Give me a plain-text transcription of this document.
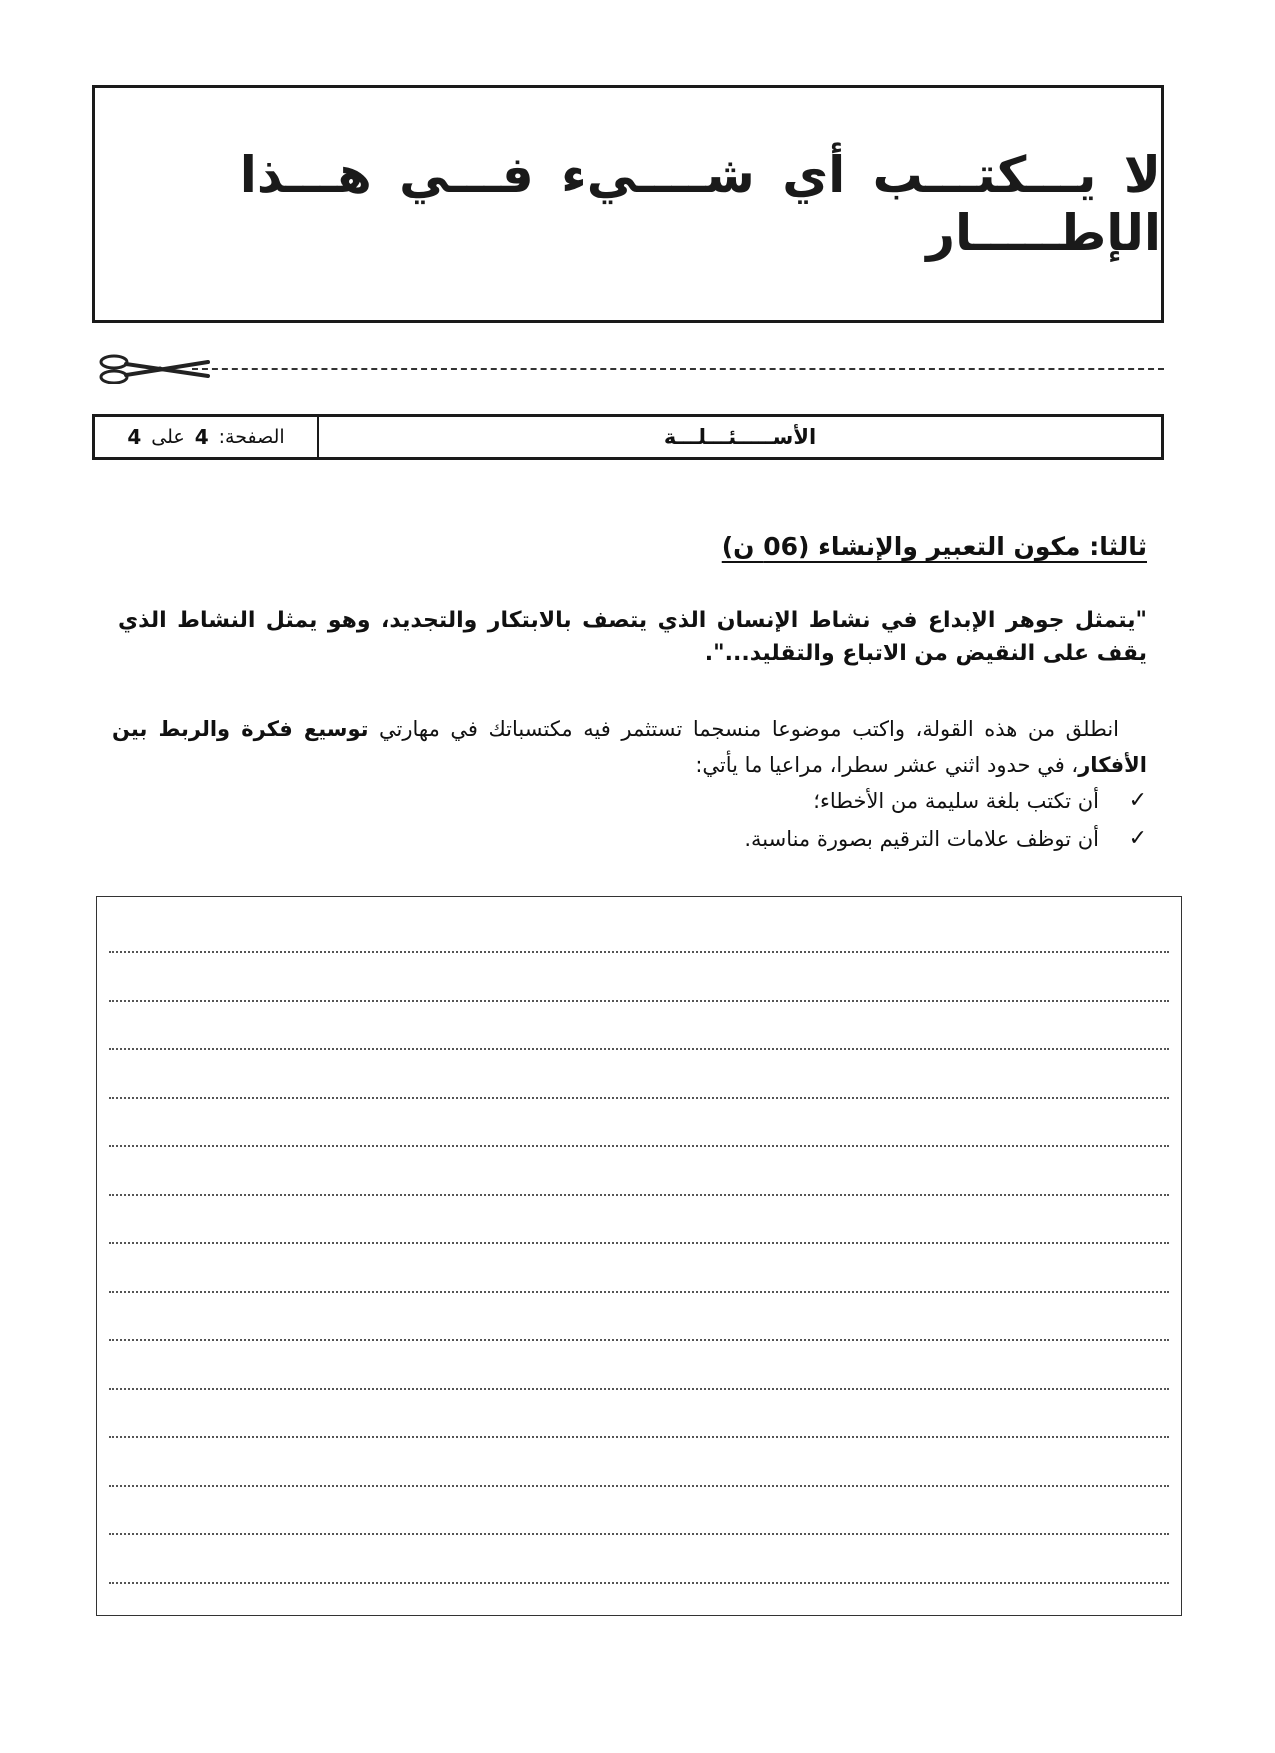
لا يـــكتـــب أي شــــيء فـــي هـــذا الإطـــــار
الصفحة:
4
على
4	الأســـــئـــلـــة
ثالثا: مكون التعبير والإنشاء (06 ن)
"يتمثل جوهر الإبداع في نشاط الإنسان الذي يتصف بالابتكار والتجديد، وهو يمثل النشاط الذي يقف على النقيض من الاتباع والتقليد...".
انطلق من هذه القولة، واكتب موضوعا منسجما تستثمر فيه مكتسباتك في مهارتي توسيع فكرة والربط بين الأفكار، في حدود اثني عشر سطرا، مراعيا ما يأتي:
✓
أن تكتب بلغة سليمة من الأخطاء؛
✓
أن توظف علامات الترقيم بصورة مناسبة.
